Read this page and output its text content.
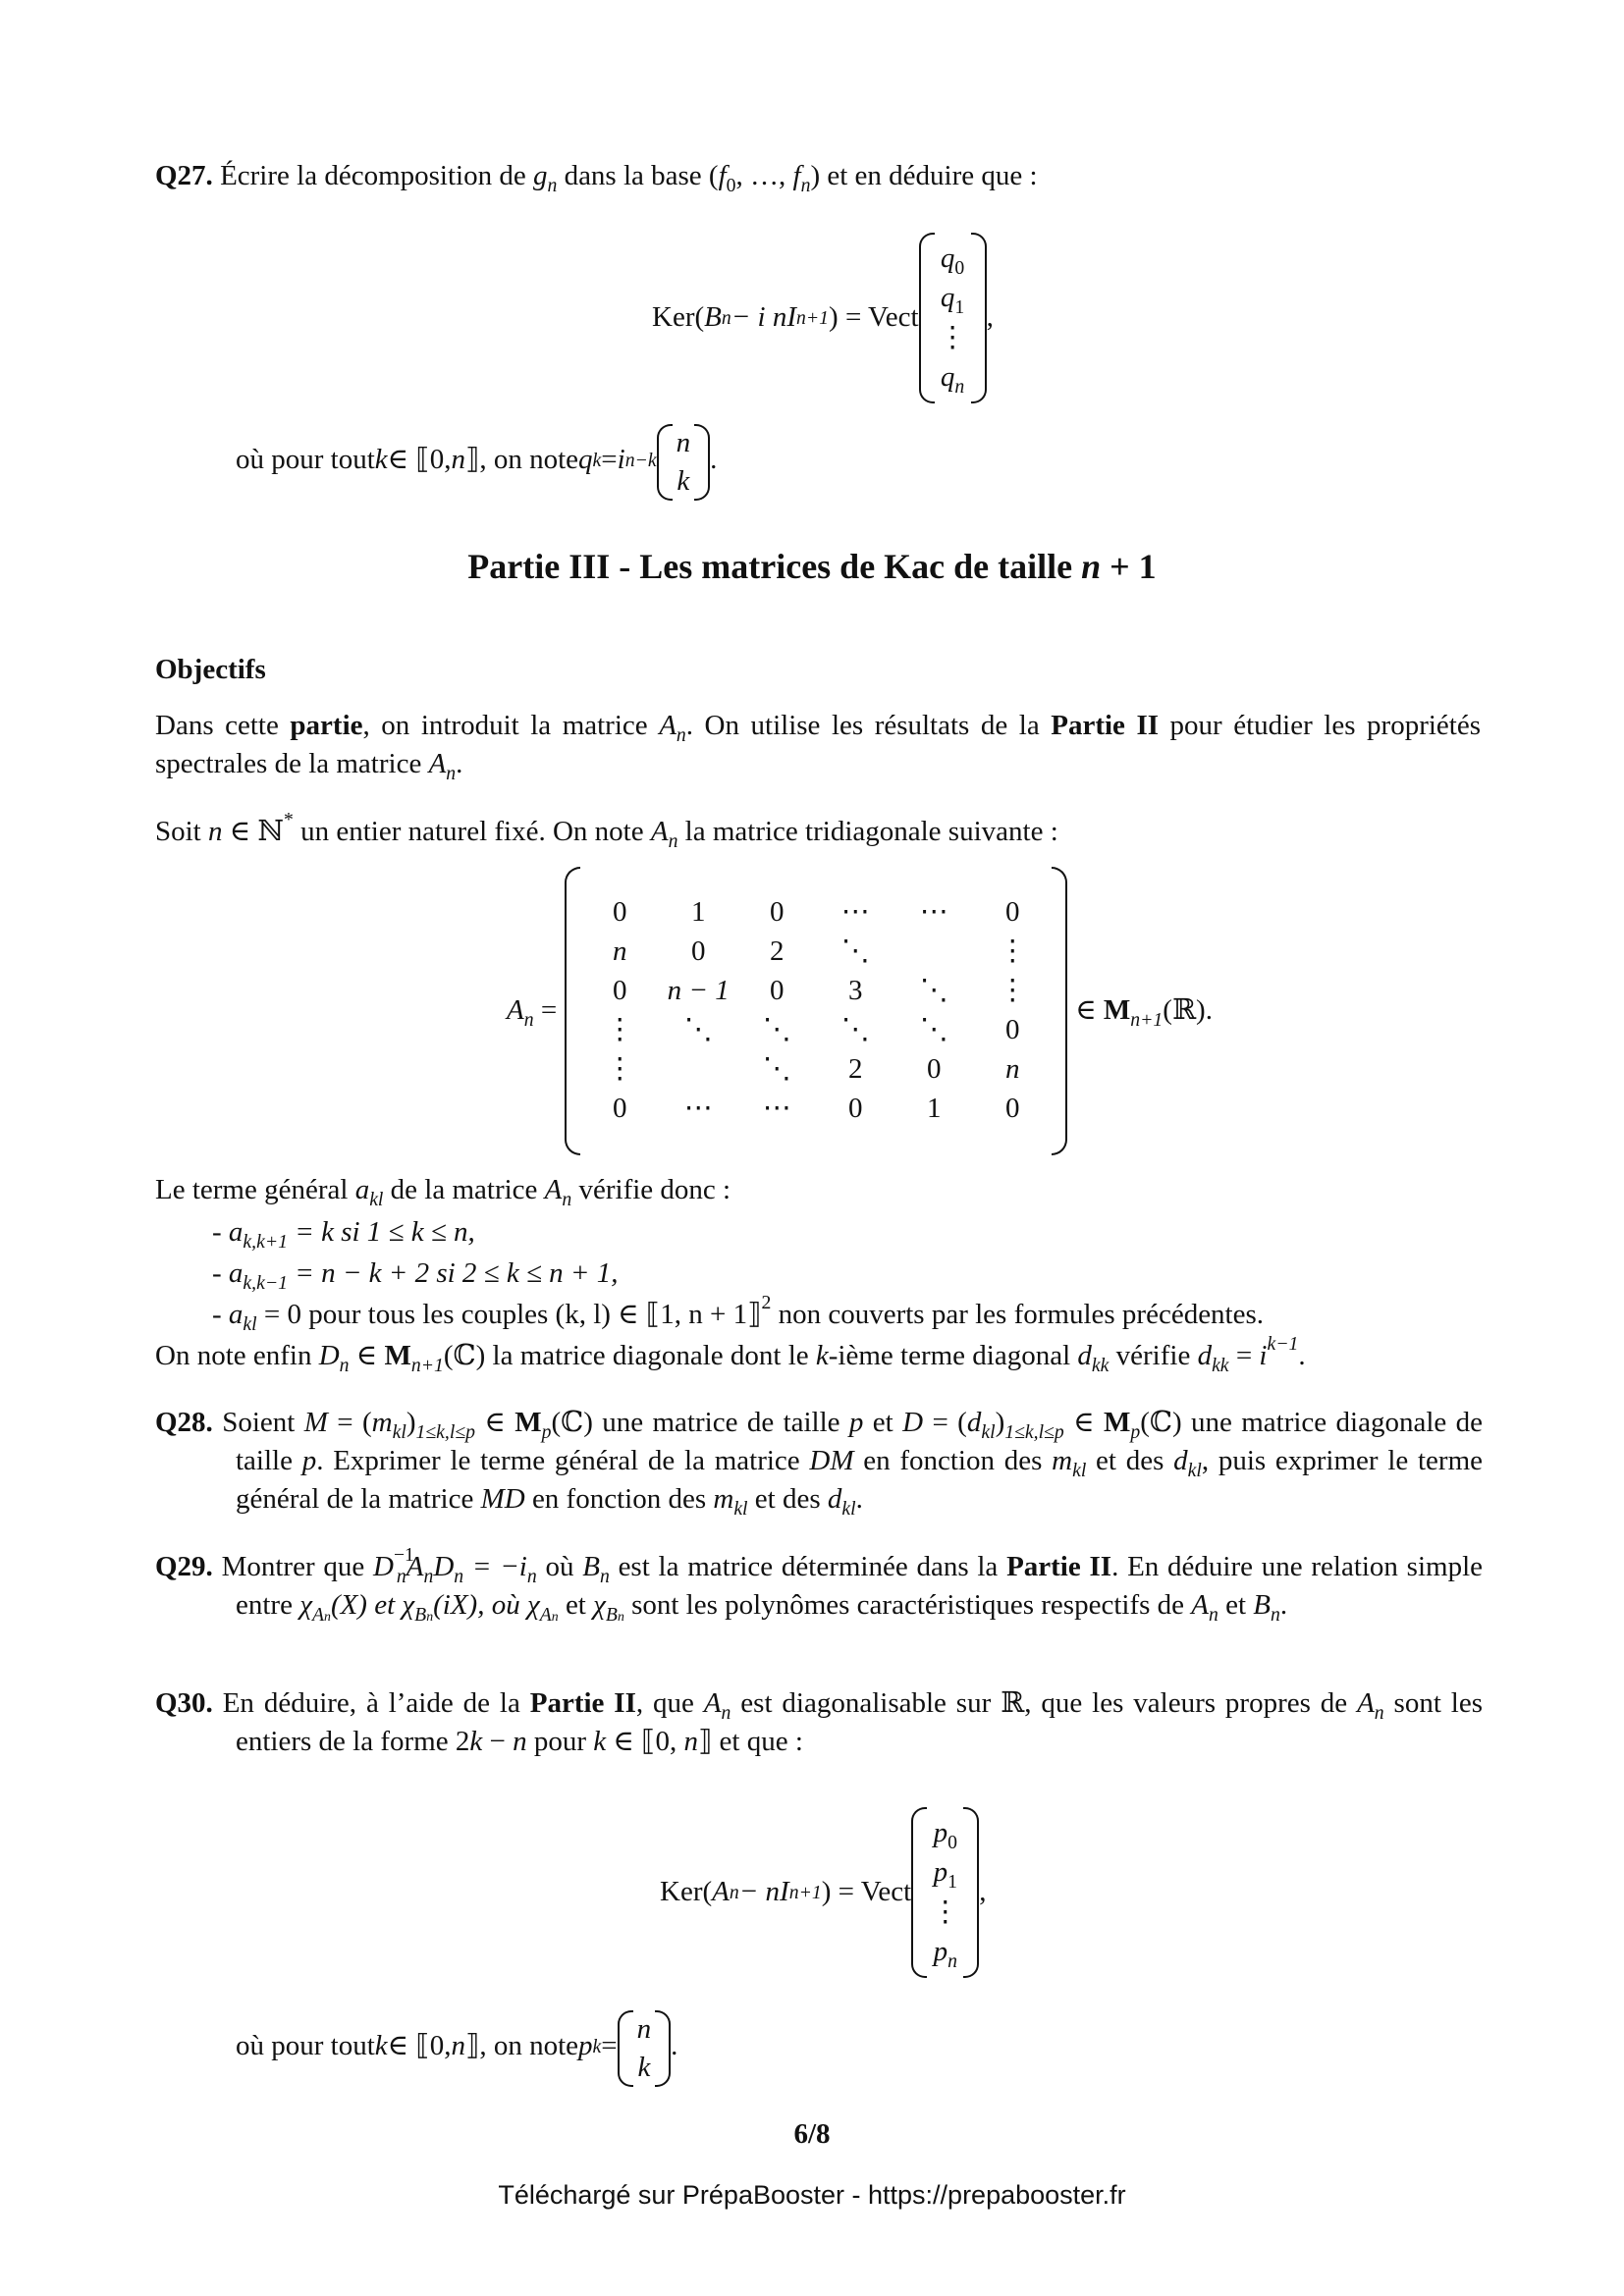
Q27. Écrire la décomposition de $g_n$ dans la base ($f_0$, …, $f_n$) et en déduire que :
Ker( B n − i n I n+1 ) = Vect
$q_0$
$q_1$
⋮
$q_n$
,
où pour tout k ∈ ⟦0, n ⟧, on note q k = i n−k
n
k
.
Partie III - Les matrices de Kac de taille n + 1
Objectifs
Dans cette partie, on introduit la matrice $A_n$. On utilise les résultats de la Partie II pour étudier les propriétés spectrales de la matrice $A_n$.
Soit n ∈ ℕ* un entier naturel fixé. On note $A_n$ la matrice tridiagonale suivante :
$A_n$ =
0	1	0	⋯	⋯	0
n	0	2	⋱		⋮
0	n − 1	0	3	⋱	⋮
⋮	⋱	⋱	⋱	⋱	0
⋮		⋱	2	0	n
0	⋯	⋯	0	1	0
∈ $M_{n+1}(ℝ)$.
Le terme général $a_{kl}$ de la matrice $A_n$ vérifie donc :
- $a_{k,k+1} = k$ si 1 ≤ k ≤ n,
- $a_{k,k-1} = n - k + 2$ si 2 ≤ k ≤ n + 1,
- $a_{kl} = 0$ pour tous les couples (k, l) ∈ ⟦1, n + 1⟧$^2$ non couverts par les formules précédentes.
On note enfin $D_n$ ∈ $M_{n+1}(ℂ)$ la matrice diagonale dont le k-ième terme diagonal $d_{kk}$ vérifie $d_{kk} = i^{k-1}$.
Q28. Soient $M = (m_{kl})_{1\le k,l\le p}$ ∈ $M_p(ℂ)$ une matrice de taille p et $D = (d_{kl})_{1\le k,l\le p}$ ∈ $M_p(ℂ)$ une matrice diagonale de taille p. Exprimer le terme général de la matrice DM en fonction des $m_{kl}$ et des $d_{kl}$, puis exprimer le terme général de la matrice MD en fonction des $m_{kl}$ et des $d_{kl}$.
Q29. Montrer que $D^{-1}_nA_nD_n = -i_n$ où $B_n$ est la matrice déterminée dans la Partie II. En déduire une relation simple entre $\chi_{An}(X)$ et $\chi_{Bn}(iX)$, où $\chi_{An}$ et $\chi_{Bn}$ sont les polynômes caractéristiques respectifs de $A_n$ et $B_n$.
Q30. En déduire, à l’aide de la Partie II, que $A_n$ est diagonalisable sur ℝ, que les valeurs propres de $A_n$ sont les entiers de la forme 2k − n pour k ∈ ⟦0, n⟧ et que :
Ker( A n − n I n+1 ) = Vect
$p_0$
$p_1$
⋮
$p_n$
,
où pour tout k ∈ ⟦0, n ⟧, on note p k =
n
k
.
6/8
Téléchargé sur PrépaBooster - https://prepabooster.fr
